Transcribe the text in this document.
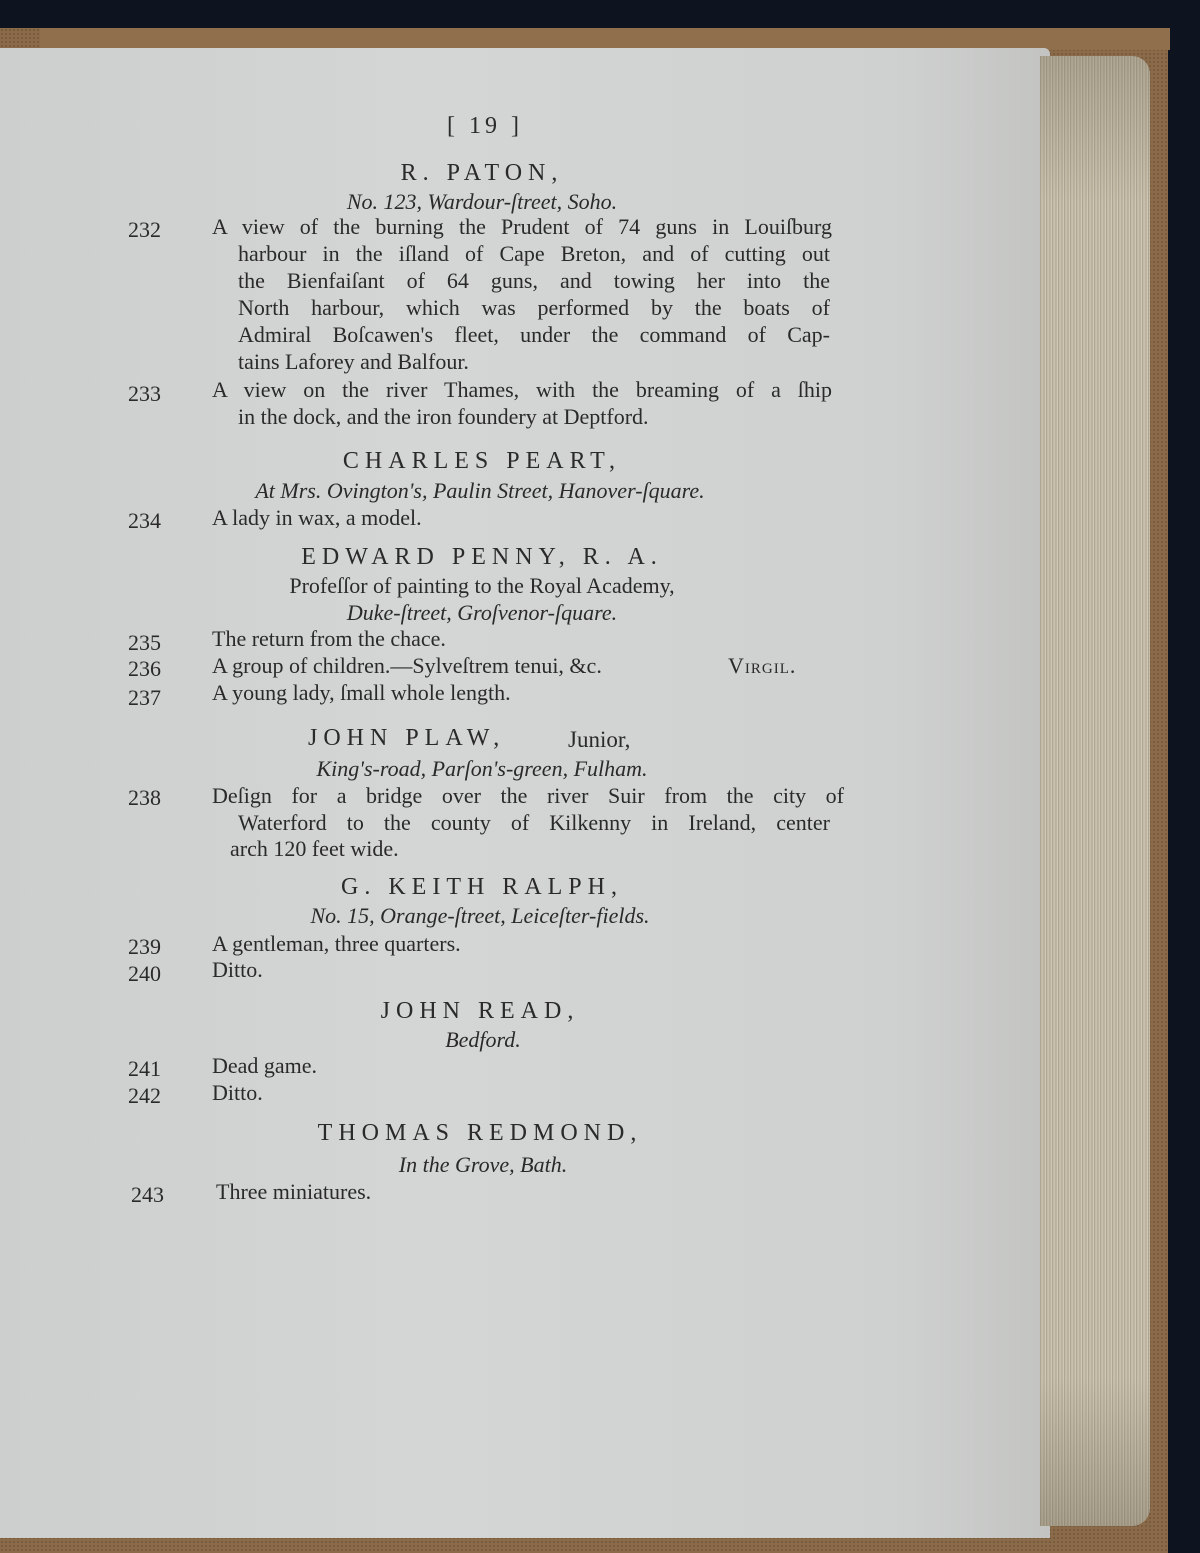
[ 19 ]
R. PATON,
No. 123, Wardour-ſtreet, Soho.
232	A view of the burning the Prudent of 74 guns in Louiſburg
harbour in the iſland of Cape Breton, and of cutting out
the Bienfaiſant of 64 guns, and towing her into the
North harbour, which was performed by the boats of
Admiral Boſcawen's fleet, under the command of Cap-
tains Laforey and Balfour.
233	A view on the river Thames, with the breaming of a ſhip
in the dock, and the iron foundery at Deptford.
CHARLES PEART,
At Mrs. Ovington's, Paulin Street, Hanover-ſquare.
234	A lady in wax, a model.
EDWARD PENNY, R. A.
Profeſſor of painting to the Royal Academy,
Duke-ſtreet, Groſvenor-ſquare.
235	The return from the chace.
236	A group of children.—Sylveſtrem tenui, &c.	Virgil.
237	A young lady, ſmall whole length.
JOHN PLAW,	Junior,
King's-road, Parſon's-green, Fulham.
238	Deſign for a bridge over the river Suir from the city of
Waterford to the county of Kilkenny in Ireland, center
arch 120 feet wide.
G. KEITH RALPH,
No. 15, Orange-ſtreet, Leiceſter-fields.
239	A gentleman, three quarters.
240	Ditto.
JOHN READ,
Bedford.
241	Dead game.
242	Ditto.
THOMAS REDMOND,
In the Grove, Bath.
243	Three miniatures.
